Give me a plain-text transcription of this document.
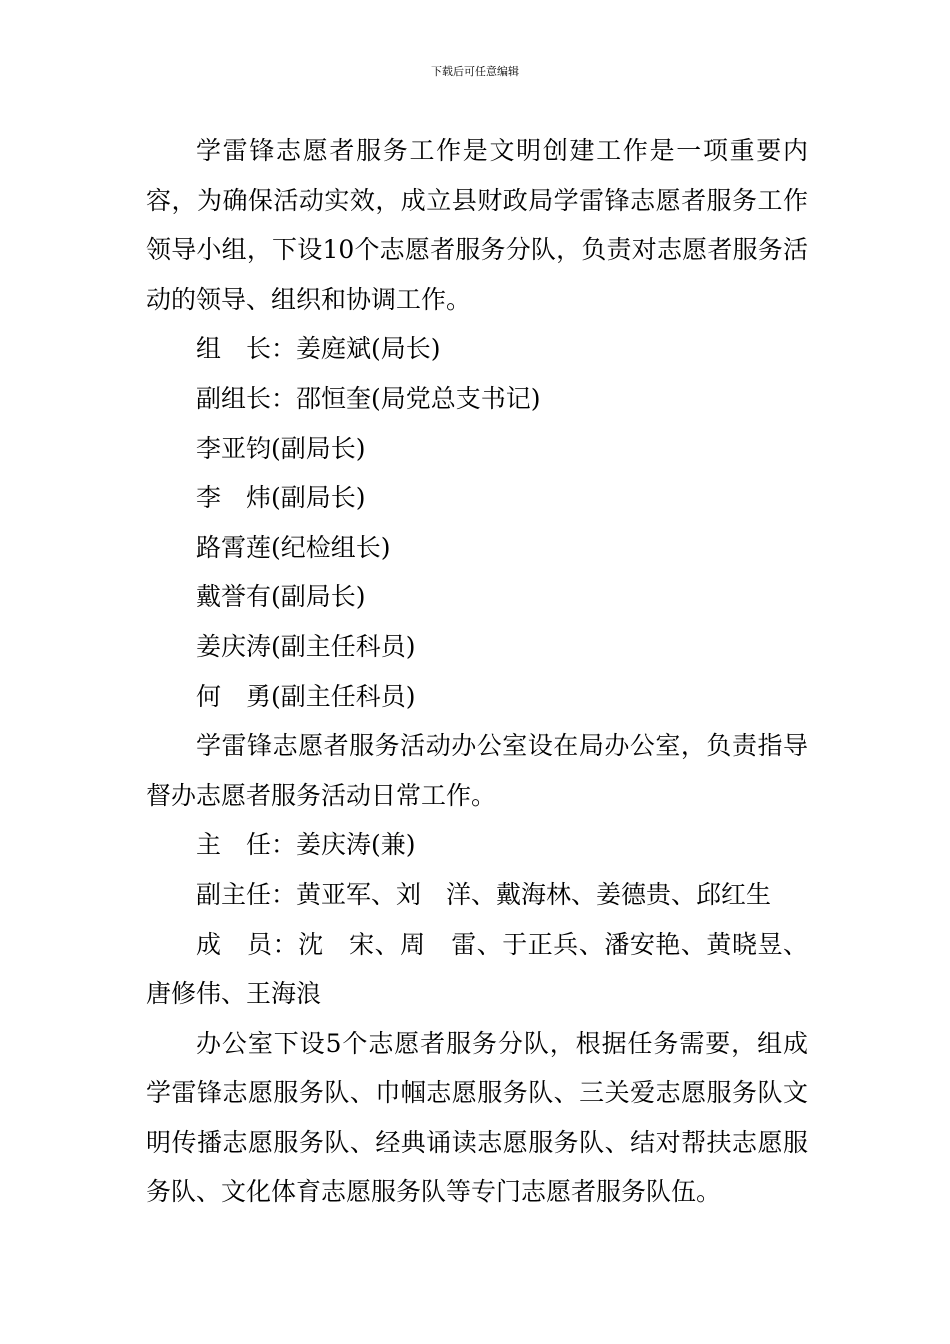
下载后可任意编辑

学雷锋志愿者服务工作是文明创建工作是一项重要内容，为确保活动实效，成立县财政局学雷锋志愿者服务工作领导小组，下设10个志愿者服务分队，负责对志愿者服务活动的领导、组织和协调工作。

组　长：姜庭斌(局长)

副组长：邵恒奎(局党总支书记)

李亚钧(副局长)

李　炜(副局长)

路霄莲(纪检组长)

戴誉有(副局长)

姜庆涛(副主任科员)

何　勇(副主任科员)

学雷锋志愿者服务活动办公室设在局办公室，负责指导督办志愿者服务活动日常工作。

主　任：姜庆涛(兼)

副主任：黄亚军、刘　洋、戴海林、姜德贵、邱红生

成　员：沈　宋、周　雷、于正兵、潘安艳、黄晓昱、唐修伟、王海浪

办公室下设5个志愿者服务分队，根据任务需要，组成学雷锋志愿服务队、巾帼志愿服务队、三关爱志愿服务队文明传播志愿服务队、经典诵读志愿服务队、结对帮扶志愿服务队、文化体育志愿服务队等专门志愿者服务队伍。
